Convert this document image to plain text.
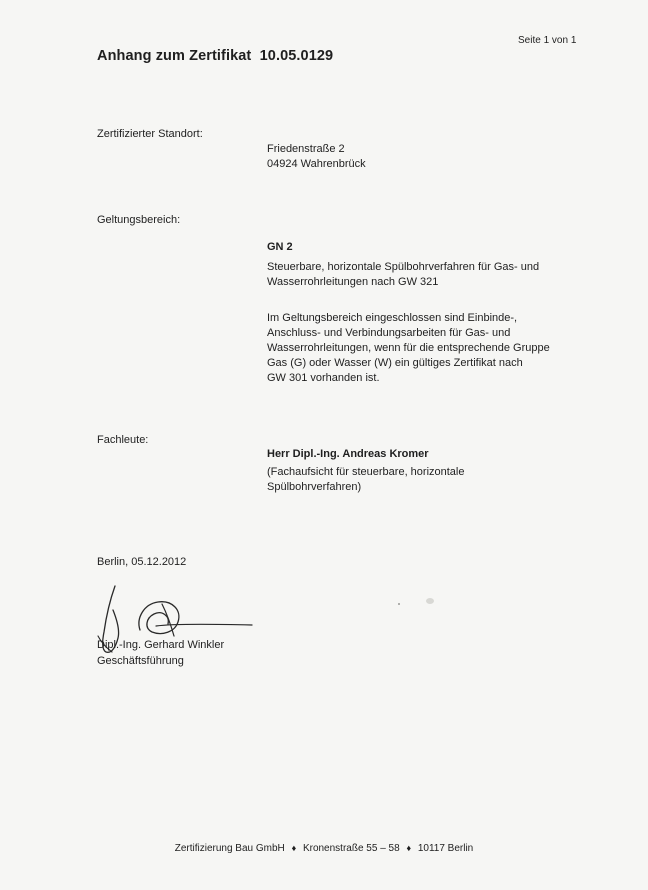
Seite 1 von 1
Anhang zum Zertifikat  10.05.0129
Zertifizierter Standort:
Friedenstraße 2
04924 Wahrenbrück
Geltungsbereich:
GN 2
Steuerbare, horizontale Spülbohrverfahren für Gas- und
Wasserrohrleitungen nach GW 321
Im Geltungsbereich eingeschlossen sind Einbinde-,
Anschluss- und Verbindungsarbeiten für Gas- und
Wasserrohrleitungen, wenn für die entsprechende Gruppe
Gas (G) oder Wasser (W) ein gültiges Zertifikat nach
GW 301 vorhanden ist.
Fachleute:
Herr Dipl.-Ing. Andreas Kromer
(Fachaufsicht für steuerbare, horizontale
Spülbohrverfahren)
Berlin, 05.12.2012
Dipl.-Ing. Gerhard Winkler
Geschäftsführung
Zertifizierung Bau GmbH ♦ Kronenstraße 55 – 58 ♦ 10117 Berlin
